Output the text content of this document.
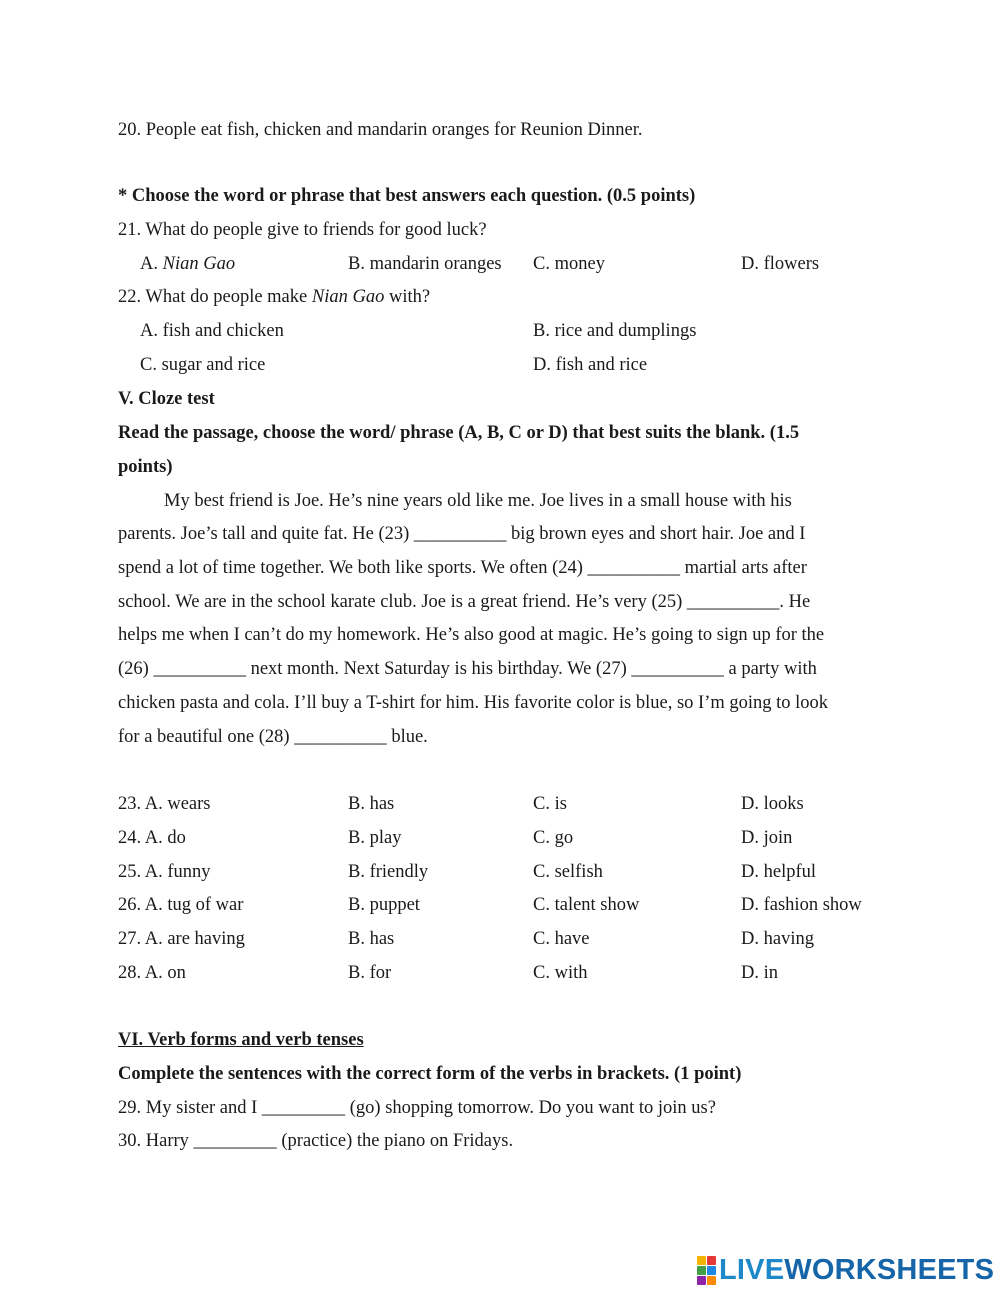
20. People eat fish, chicken and mandarin oranges for Reunion Dinner.
* Choose the word or phrase that best answers each question. (0.5 points)
21. What do people give to friends for good luck?
A. Nian Gao	B. mandarin oranges C. money	D. flowers
22. What do people make Nian Gao with?
A. fish and chicken	B. rice and dumplings
C. sugar and rice	D. fish and rice
V. Cloze test
Read the passage, choose the word/ phrase (A, B, C or D) that best suits the blank. (1.5
points)
My best friend is Joe. He’s nine years old like me. Joe lives in a small house with his
parents. Joe’s tall and quite fat. He (23) __________ big brown eyes and short hair. Joe and I
spend a lot of time together. We both like sports. We often (24) __________ martial arts after
school. We are in the school karate club. Joe is a great friend. He’s very (25) __________. He
helps me when I can’t do my homework. He’s also good at magic. He’s going to sign up for the
(26) __________ next month. Next Saturday is his birthday. We (27) __________ a party with
chicken pasta and cola. I’ll buy a T-shirt for him. His favorite color is blue, so I’m going to look
for a beautiful one (28) __________ blue.
23. A. wears	B. has	C. is	D. looks
24. A. do	B. play	C. go	D. join
25. A. funny	B. friendly	C. selfish	D. helpful
26. A. tug of war	B. puppet	C. talent show	D. fashion show
27. A. are having	B. has	C. have	D. having
28. A. on	B. for	C. with	D. in
VI. Verb forms and verb tenses
Complete the sentences with the correct form of the verbs in brackets. (1 point)
29. My sister and I _________ (go) shopping tomorrow. Do you want to join us?
30. Harry _________ (practice) the piano on Fridays.
LIVEWORKSHEETS
